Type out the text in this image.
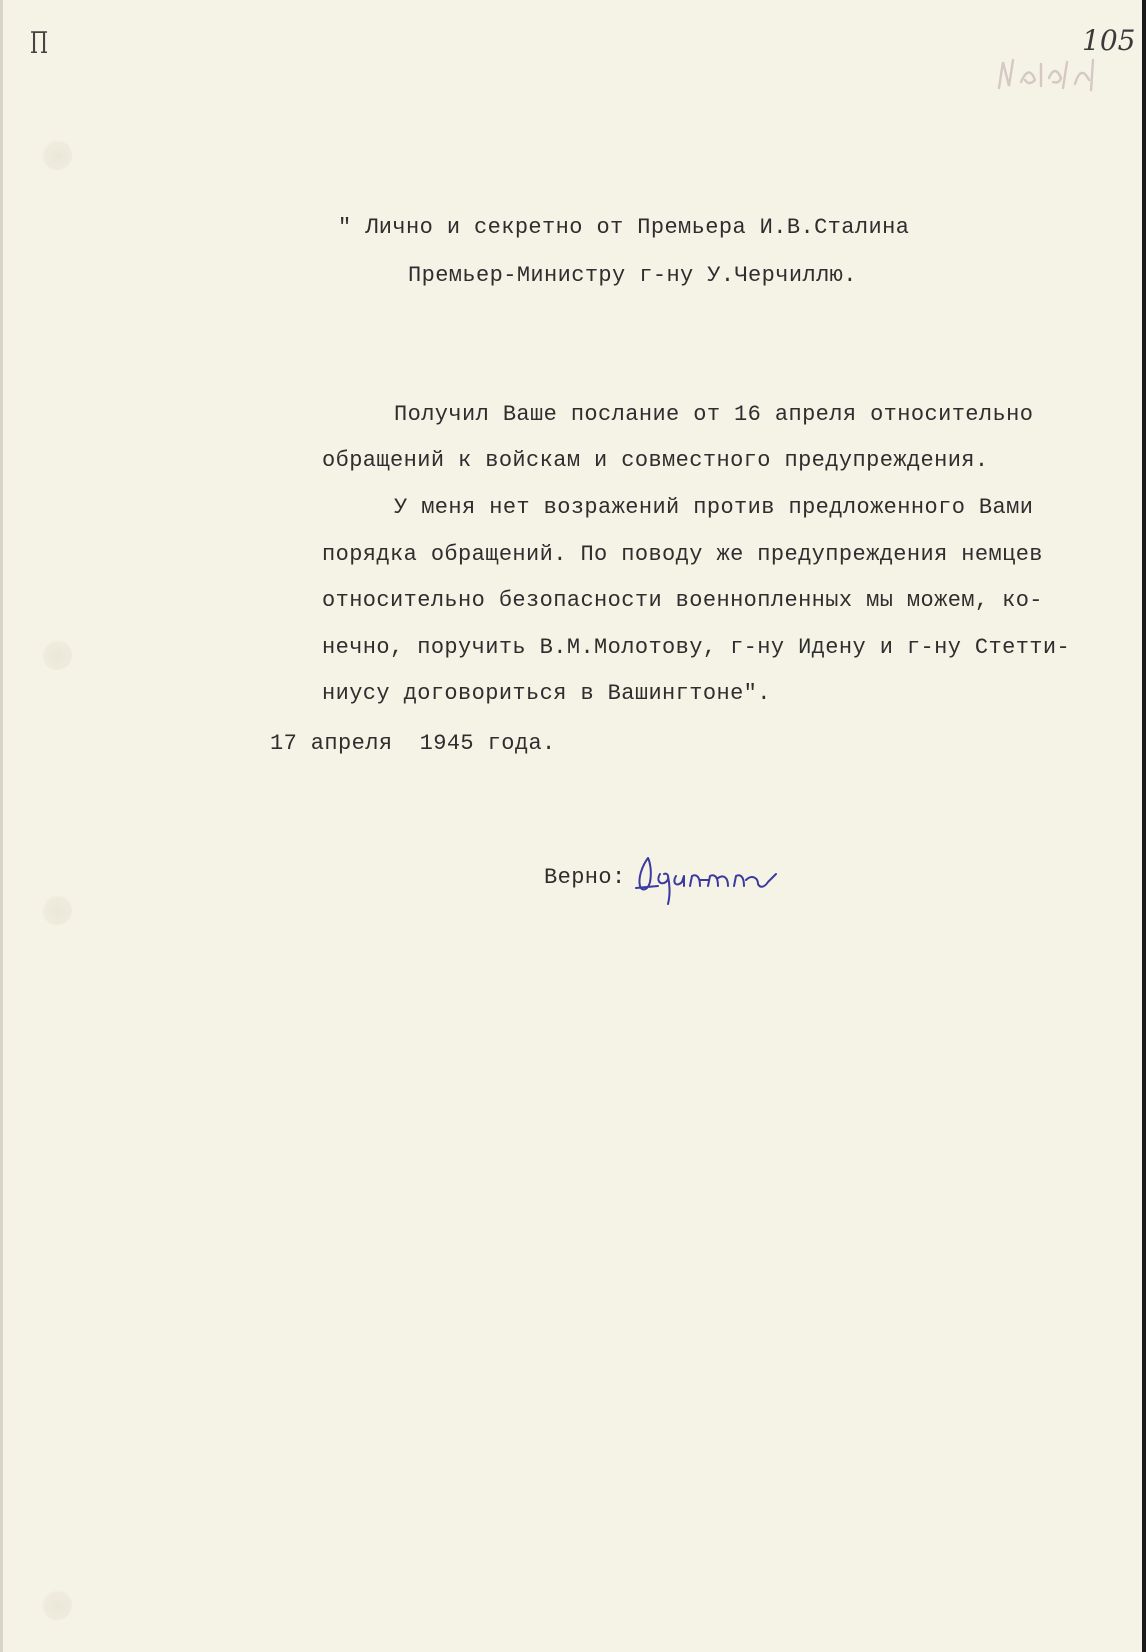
П	105
" Лично и секретно от Премьера И.В.Сталина
Премьер-Министру г-ну У.Черчиллю.
Получил Ваше послание от 16 апреля относительно
обращений к войскам и совместного предупреждения.
У меня нет возражений против предложенного Вами
порядка обращений. По поводу же предупреждения немцев
относительно безопасности военнопленных мы можем, ко-
нечно, поручить В.М.Молотову, г-ну Идену и г-ну Стетти-
ниусу договориться в Вашингтоне".
17 апреля  1945 года.
Верно:
